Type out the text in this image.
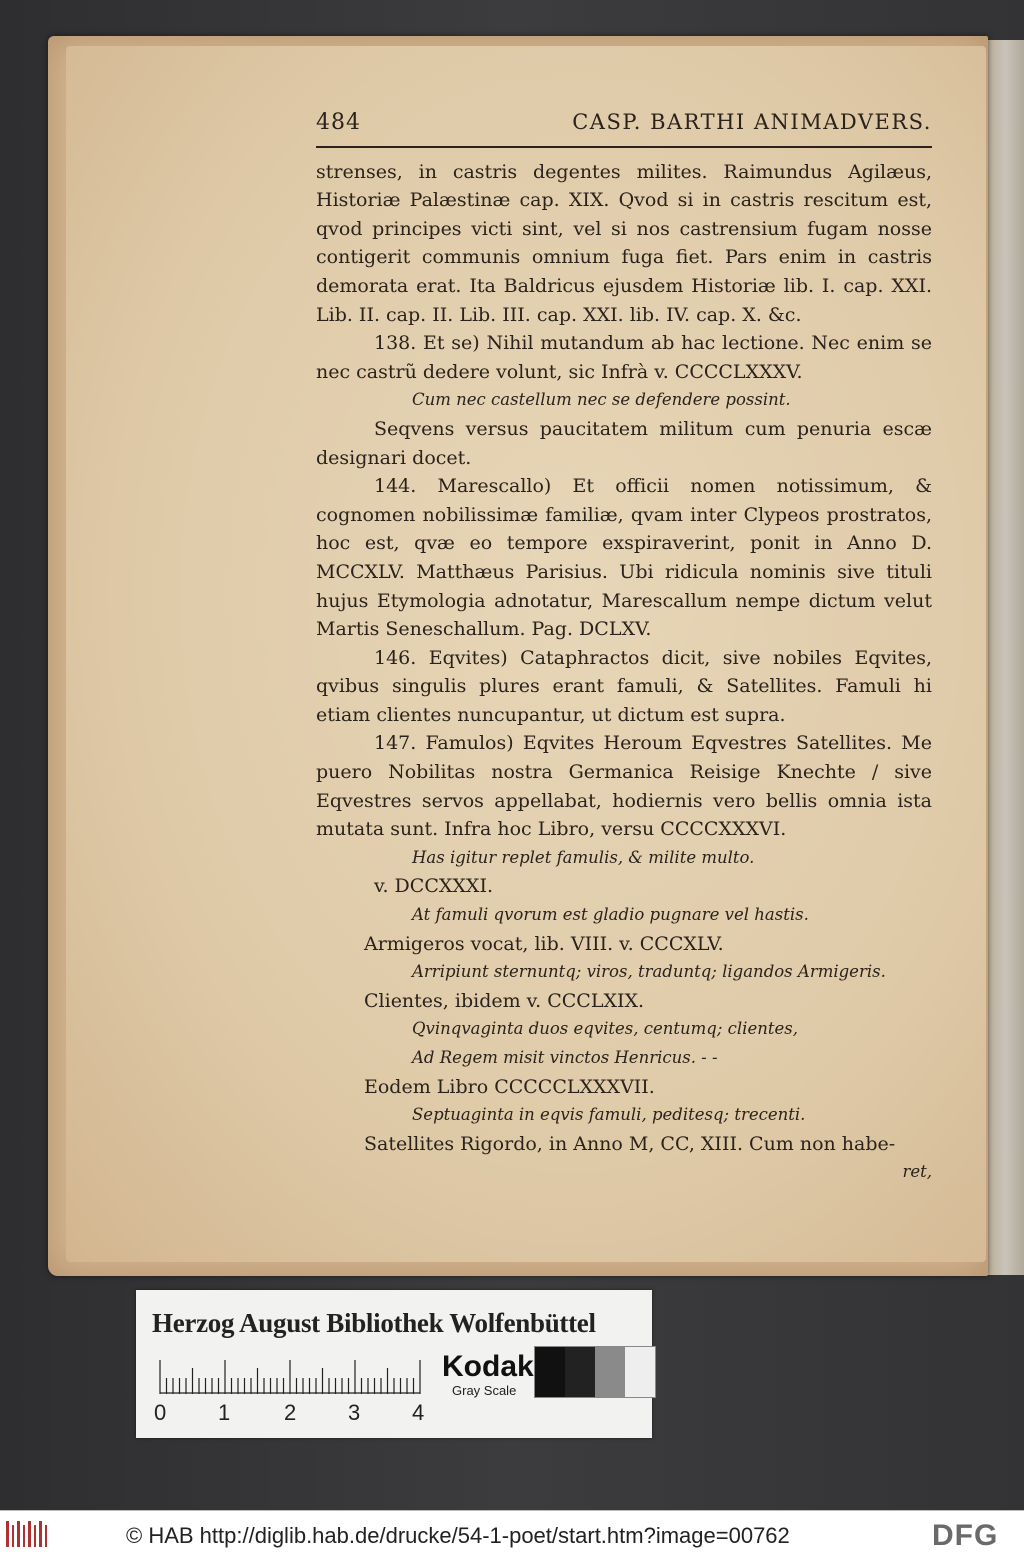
484	CASP. BARTHI ANIMADVERS.

strenses, in castris degentes milites. Raimundus Agilæus, Historiæ Palæstinæ cap. XIX. Qvod si in castris rescitum est, qvod principes victi sint, vel si nos castrensium fugam nosse contigerit communis omnium fuga fiet. Pars enim in castris demorata erat. Ita Baldricus ejusdem Historiæ lib. I. cap. XXI. Lib. II. cap. II. Lib. III. cap. XXI. lib. IV. cap. X. &c.

138. Et se) Nihil mutandum ab hac lectione. Nec enim se nec castrũ dedere volunt, sic Infrà v. CCCCLXXXV.

Cum nec castellum nec se defendere possint.

Seqvens versus paucitatem militum cum penuria escæ designari docet.

144. Marescallo) Et officii nomen notissimum, & cognomen nobilissimæ familiæ, qvam inter Clypeos prostratos, hoc est, qvæ eo tempore exspiraverint, ponit in Anno D. MCCXLV. Matthæus Parisius. Ubi ridicula nominis sive tituli hujus Etymologia adnotatur, Marescallum nempe dictum velut Martis Seneschallum. Pag. DCLXV.

146. Eqvites) Cataphractos dicit, sive nobiles Eqvites, qvibus singulis plures erant famuli, & Satellites. Famuli hi etiam clientes nuncupantur, ut dictum est supra.

147. Famulos) Eqvites Heroum Eqvestres Satellites. Me puero Nobilitas nostra Germanica Reisige Knechte / sive Eqvestres servos appellabat, hodiernis vero bellis omnia ista mutata sunt. Infra hoc Libro, versu CCCCXXXVI.

Has igitur replet famulis, & milite multo.

v. DCCXXXI.

At famuli qvorum est gladio pugnare vel hastis.

Armigeros vocat, lib. VIII. v. CCCXLV.

Arripiunt sternuntq; viros, traduntq; ligandos Armigeris.

Clientes, ibidem v. CCCLXIX.

Qvinqvaginta duos eqvites, centumq; clientes,

Ad Regem misit vinctos Henricus. - -

Eodem Libro CCCCCLXXXVII.

Septuaginta in eqvis famuli, peditesq; trecenti.

Satellites Rigordo, in Anno M, CC, XIII. Cum non habe-

ret,

Herzog August Bibliothek Wolfenbüttel
0 1 2 3 4
Kodak
Gray Scale
© HAB http://diglib.hab.de/drucke/54-1-poet/start.htm?image=00762	DFG
